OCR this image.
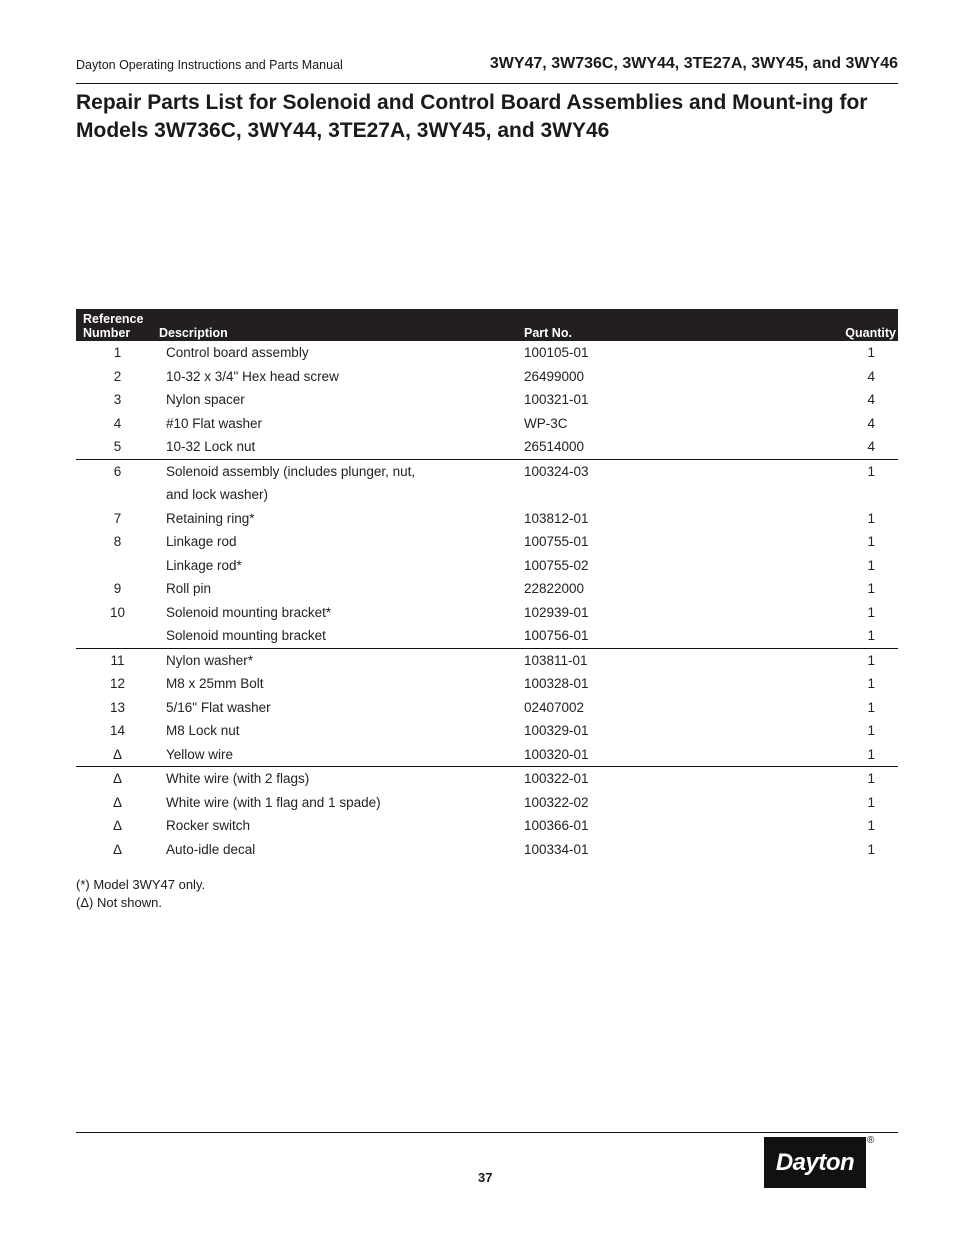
Dayton Operating Instructions and Parts Manual	3WY47, 3W736C, 3WY44, 3TE27A, 3WY45, and 3WY46
Repair Parts List for Solenoid and Control Board Assemblies and Mount-ing for Models 3W736C, 3WY44, 3TE27A, 3WY45, and 3WY46
Reference
Number	Description	Part No.	Quantity
1	Control board assembly	100105-01	1
2	10-32 x 3/4" Hex head screw	26499000	4
3	Nylon spacer	100321-01	4
4	#10 Flat washer	WP-3C	4
5	10-32 Lock nut	26514000	4
6	Solenoid assembly (includes plunger, nut,	100324-03	1
	and lock washer)		
7	Retaining ring*	103812-01	1
8	Linkage rod	100755-01	1
	Linkage rod*	100755-02	1
9	Roll pin	22822000	1
10	Solenoid mounting bracket*	102939-01	1
	Solenoid mounting bracket	100756-01	1
11	Nylon washer*	103811-01	1
12	M8 x 25mm Bolt	100328-01	1
13	5/16" Flat washer	02407002	1
14	M8 Lock nut	100329-01	1
Δ	Yellow wire	100320-01	1
Δ	White wire (with 2 flags)	100322-01	1
Δ	White wire (with 1 flag and 1 spade)	100322-02	1
Δ	Rocker switch	100366-01	1
Δ	Auto-idle decal	100334-01	1
(*) Model 3WY47 only.
(Δ) Not shown.
37
Dayton
®
